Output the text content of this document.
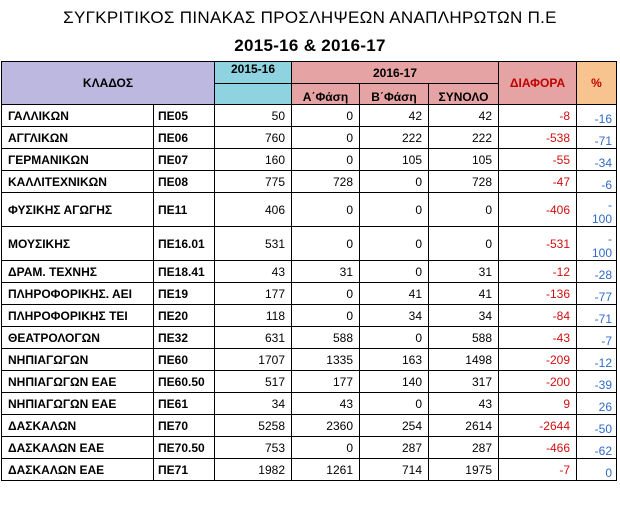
ΣΥΓΚΡΙΤΙΚΟΣ ΠΙΝΑΚΑΣ ΠΡΟΣΛΗΨΕΩΝ ΑΝΑΠΛΗΡΩΤΩΝ Π.Ε
2015-16 & 2016-17
ΚΛΑΔΟΣ		2015-16	2016-17			ΔΙΑΦΟΡΑ	%
			Α΄Φάση	Β΄Φάση	ΣΥΝΟΛΟ		
ΓΑΛΛΙΚΩΝ	ΠΕ05	50	0	42	42	-8	-16
ΑΓΓΛΙΚΩΝ	ΠΕ06	760	0	222	222	-538	-71
ΓΕΡΜΑΝΙΚΩΝ	ΠΕ07	160	0	105	105	-55	-34
ΚΑΛΛΙΤΕΧΝΙΚΩΝ	ΠΕ08	775	728	0	728	-47	-6
ΦΥΣΙΚΗΣ ΑΓΩΓΗΣ	ΠΕ11	406	0	0	0	-406	-
100

ΜΟΥΣΙΚΗΣ	ΠΕ16.01	531	0	0	0	-531	-
100

ΔΡΑΜ. ΤΕΧΝΗΣ	ΠΕ18.41	43	31	0	31	-12	-28
ΠΛΗΡΟΦΟΡΙΚΗΣ. ΑΕΙ	ΠΕ19	177	0	41	41	-136	-77
ΠΛΗΡΟΦΟΡΙΚΗΣ ΤΕΙ	ΠΕ20	118	0	34	34	-84	-71
ΘΕΑΤΡΟΛΟΓΩΝ	ΠΕ32	631	588	0	588	-43	-7
ΝΗΠΙΑΓΩΓΩΝ	ΠΕ60	1707	1335	163	1498	-209	-12
ΝΗΠΙΑΓΩΓΩΝ ΕΑΕ	ΠΕ60.50	517	177	140	317	-200	-39
ΝΗΠΙΑΓΩΓΩΝ ΕΑΕ	ΠΕ61	34	43	0	43	9	26
ΔΑΣΚΑΛΩΝ	ΠΕ70	5258	2360	254	2614	-2644	-50
ΔΑΣΚΑΛΩΝ ΕΑΕ	ΠΕ70.50	753	0	287	287	-466	-62
ΔΑΣΚΑΛΩΝ ΕΑΕ	ΠΕ71	1982	1261	714	1975	-7	0
